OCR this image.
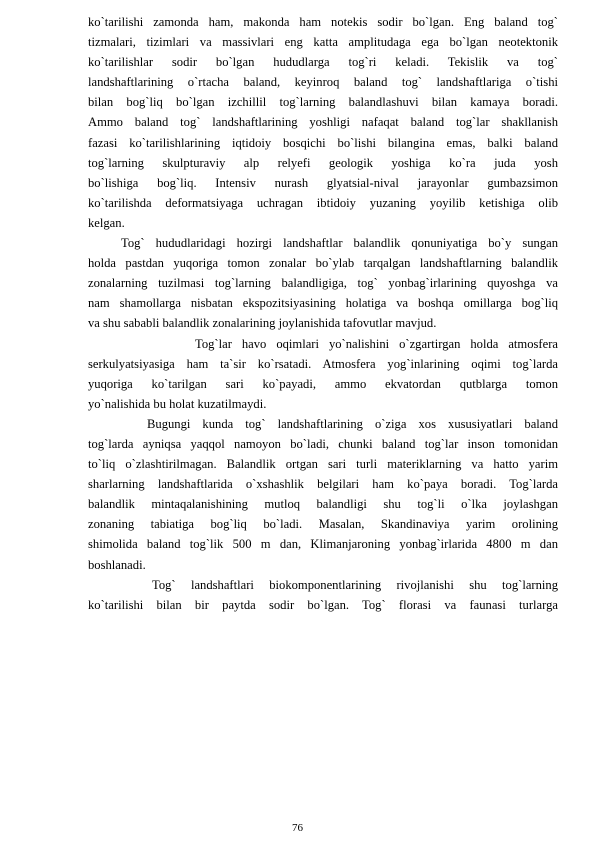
ko`tarilishi zamonda ham, makonda ham notekis sodir bo`lgan. Eng baland tog`
tizmalari, tizimlari va massivlari eng katta amplitudaga ega bo`lgan neotektonik
ko`tarilishlar sodir bo`lgan hududlarga tog`ri keladi. Tekislik va tog`
landshaftlarining o`rtacha baland, keyinroq baland tog` landshaftlariga o`tishi
bilan bog`liq bo`lgan izchillil tog`larning balandlashuvi bilan kamaya boradi.
Ammo baland tog` landshaftlarining yoshligi nafaqat baland tog`lar shakllanish
fazasi ko`tarilishlarining iqtidoiy bosqichi bo`lishi bilangina emas, balki baland
tog`larning skulpturaviy alp relyefi geologik yoshiga ko`ra juda yosh
bo`lishiga bog`liq. Intensiv nurash glyatsial-nival jarayonlar gumbazsimon
ko`tarilishda deformatsiyaga uchragan ibtidoiy yuzaning yoyilib ketishiga olib
kelgan.
Tog` hududlaridagi hozirgi landshaftlar balandlik qonuniyatiga bo`y sungan
holda pastdan yuqoriga tomon zonalar bo`ylab tarqalgan landshaftlarning balandlik
zonalarning tuzilmasi tog`larning balandligiga, tog` yonbag`irlarining quyoshga va
nam shamollarga nisbatan ekspozitsiyasining holatiga va boshqa omillarga bog`liq
va shu sababli balandlik zonalarining joylanishida tafovutlar mavjud.
Tog`lar havo oqimlari yo`nalishini o`zgartirgan holda atmosfera
serkulyatsiyasiga ham ta`sir ko`rsatadi. Atmosfera yog`inlarining oqimi tog`larda
yuqoriga ko`tarilgan sari ko`payadi, ammo ekvatordan qutblarga tomon
yo`nalishida bu holat kuzatilmaydi.
Bugungi kunda tog` landshaftlarining o`ziga xos xususiyatlari baland
tog`larda ayniqsa yaqqol namoyon bo`ladi, chunki baland tog`lar inson tomonidan
to`liq o`zlashtirilmagan. Balandlik ortgan sari turli materiklarning va hatto yarim
sharlarning landshaftlarida o`xshashlik belgilari ham ko`paya boradi. Tog`larda
balandlik mintaqalanishining mutloq balandligi shu tog`li o`lka joylashgan
zonaning tabiatiga bog`liq bo`ladi. Masalan, Skandinaviya yarim orolining
shimolida baland tog`lik 500 m dan, Klimanjaroning yonbag`irlarida 4800 m dan
boshlanadi.
Tog` landshaftlari biokomponentlarining rivojlanishi shu tog`larning
ko`tarilishi bilan bir paytda sodir bo`lgan. Tog` florasi va faunasi turlarga
76
